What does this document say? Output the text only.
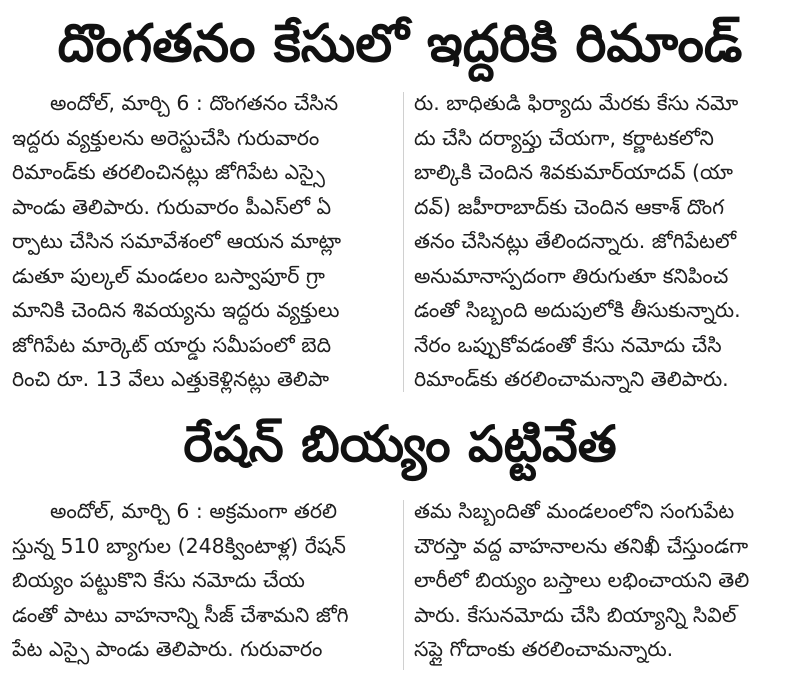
దొంగతనం కేసులో ఇద్దరికి రిమాండ్
అందోల్, మార్చి 6 : దొంగతనం చేసిన
ఇద్దరు వ్యక్తులను అరెస్టుచేసి గురువారం
రిమాండ్‌కు తరలించినట్లు జోగిపేట ఎస్సై
పాండు తెలిపారు. గురువారం పీఎస్‌లో ఏ
ర్పాటు చేసిన సమావేశంలో ఆయన మాట్లా
డుతూ పుల్కల్ మండలం బస్వాపూర్ గ్రా
మానికి చెందిన శివయ్యను ఇద్దరు వ్యక్తులు
జోగిపేట మార్కెట్ యార్డు సమీపంలో బెది
రించి రూ. 13 వేలు ఎత్తుకెళ్లినట్లు తెలిపా
రు. బాధితుడి ఫిర్యాదు మేరకు కేసు నమో
దు చేసి దర్యాప్తు చేయగా, కర్ణాటకలోని
బాల్కికి చెందిన శివకుమార్‌యాదవ్ (యా
దవ్) జహీరాబాద్‌కు చెందిన ఆకాశ్ దొంగ
తనం చేసినట్లు తేలిందన్నారు. జోగిపేటలో
అనుమానాస్పదంగా తిరుగుతూ కనిపించ
డంతో సిబ్బంది అదుపులోకి తీసుకున్నారు.
నేరం ఒప్పుకోవడంతో కేసు నమోదు చేసి
రిమాండ్‌కు తరలించామన్నాని తెలిపారు.
రేషన్ బియ్యం పట్టివేత
అందోల్, మార్చి 6 : అక్రమంగా తరలి
స్తున్న 510 బ్యాగుల (248క్వింటాళ్ల) రేషన్
బియ్యం పట్టుకొని కేసు నమోదు చేయ
డంతో పాటు వాహనాన్ని సీజ్ చేశామని జోగి
పేట ఎస్సై పాండు తెలిపారు. గురువారం
తమ సిబ్బందితో మండలంలోని సంగుపేట
చౌరస్తా వద్ద వాహనాలను తనిఖీ చేస్తుండగా
లారీలో బియ్యం బస్తాలు లభించాయని తెలి
పారు. కేసునమోదు చేసి బియ్యాన్ని సివిల్
సప్లై గోదాంకు తరలించామన్నారు.
